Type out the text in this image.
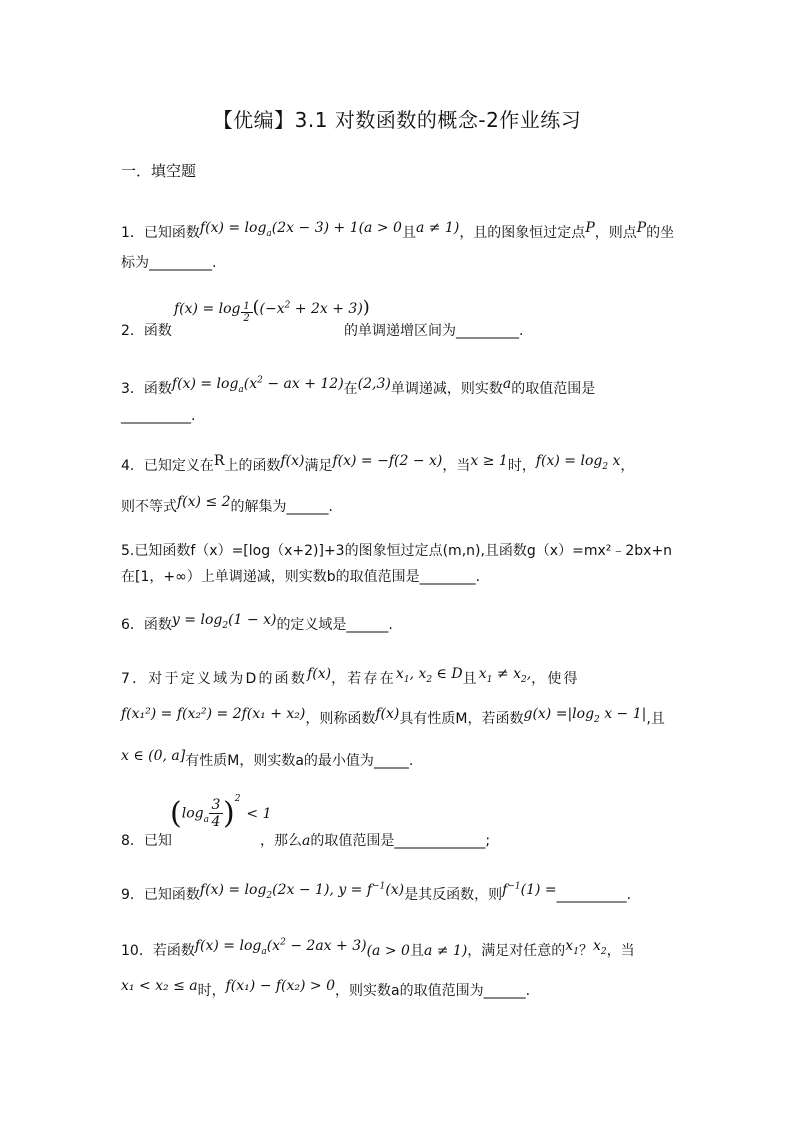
【优编】3.1 对数函数的概念-2作业练习
一．填空题
1．已知函数$f(x) = \log_a(2x - 3) + 1(a > 0$且a ≠ 1)，且的图象恒过定点P，则点P的坐
标为_________.
$f(x) = \log \frac{1}{2} ((-x^2 + 2x + 3))$
2．函数	的单调递增区间为_________.
3．函数$f(x) = \log_a(x^2$ − ax + 12)在(2,3)单调递减，则实数a的取值范围是
__________.
4．已知定义在R上的函数f(x)满足f(x) = −f(2 − x)，当x ≥ 1时，$f(x) = \log_2 x$，
则不等式f(x) ≤ 2的解集为______.
5.已知函数f（x）=[log（x+2)]+3的图象恒过定点(m,n),且函数g（x）=mx²﹣2bx+n
在[1，+∞）上单调递减，则实数b的取值范围是________.
6．函数$y = \log_2(1 - x)$的定义域是______.
7．对于定义域为D的函数f(x)，若存在$x_1$, $x_2$ ∈ D且$x_1 \ne x_2$,，使得
f(x₁²) = f(x₂²) = 2f(x₁ + x₂)，则称函数f(x)具有性质M，若函数$g(x) =|\log_2$ x − 1|,且
x ∈ (0, a]有性质M，则实数a的最小值为_____.
$(\log_a \frac{3}{4} )^2< 1$
8．已知	，那么a的取值范围是_____________;
9．已知函数$f(x) = \log_2(2x - 1)$, $y = f^{-1}(x)$是其反函数，则$f^{-1}(1)$ =__________.
10．若函数$f(x) = \log_a(x^2 - 2ax + 3)(a > 0$且a ≠ 1)，满足对任意的$x_1$？$x_2$，当
x₁ < x₂ ≤ a时，f(x₁) − f(x₂) > 0，则实数a的取值范围为______.
